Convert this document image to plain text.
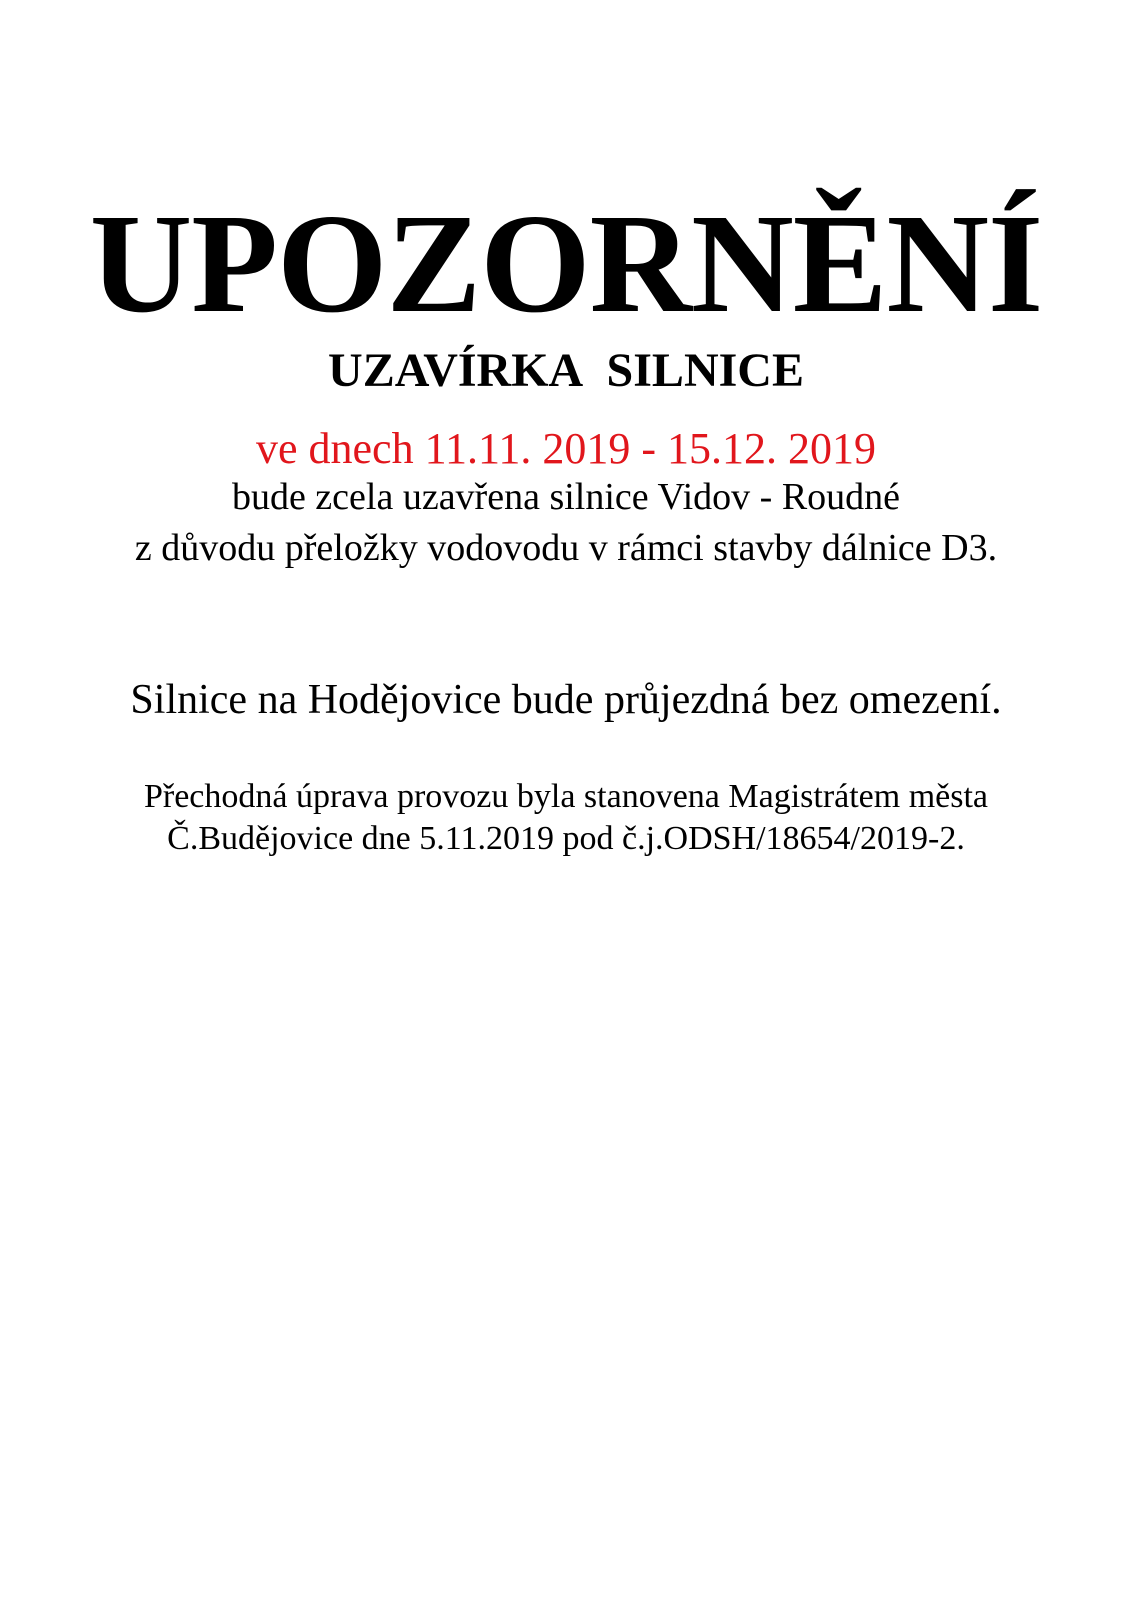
UPOZORNĚNÍ
UZAVÍRKA SILNICE

ve dnech 11.11. 2019 - 15.12. 2019

bude zcela uzavřena silnice Vidov - Roudné

z důvodu přeložky vodovodu v rámci stavby dálnice D3.

Silnice na Hodějovice bude průjezdná bez omezení.

Přechodná úprava provozu byla stanovena Magistrátem města

Č.Budějovice dne 5.11.2019 pod č.j.ODSH/18654/2019-2.
